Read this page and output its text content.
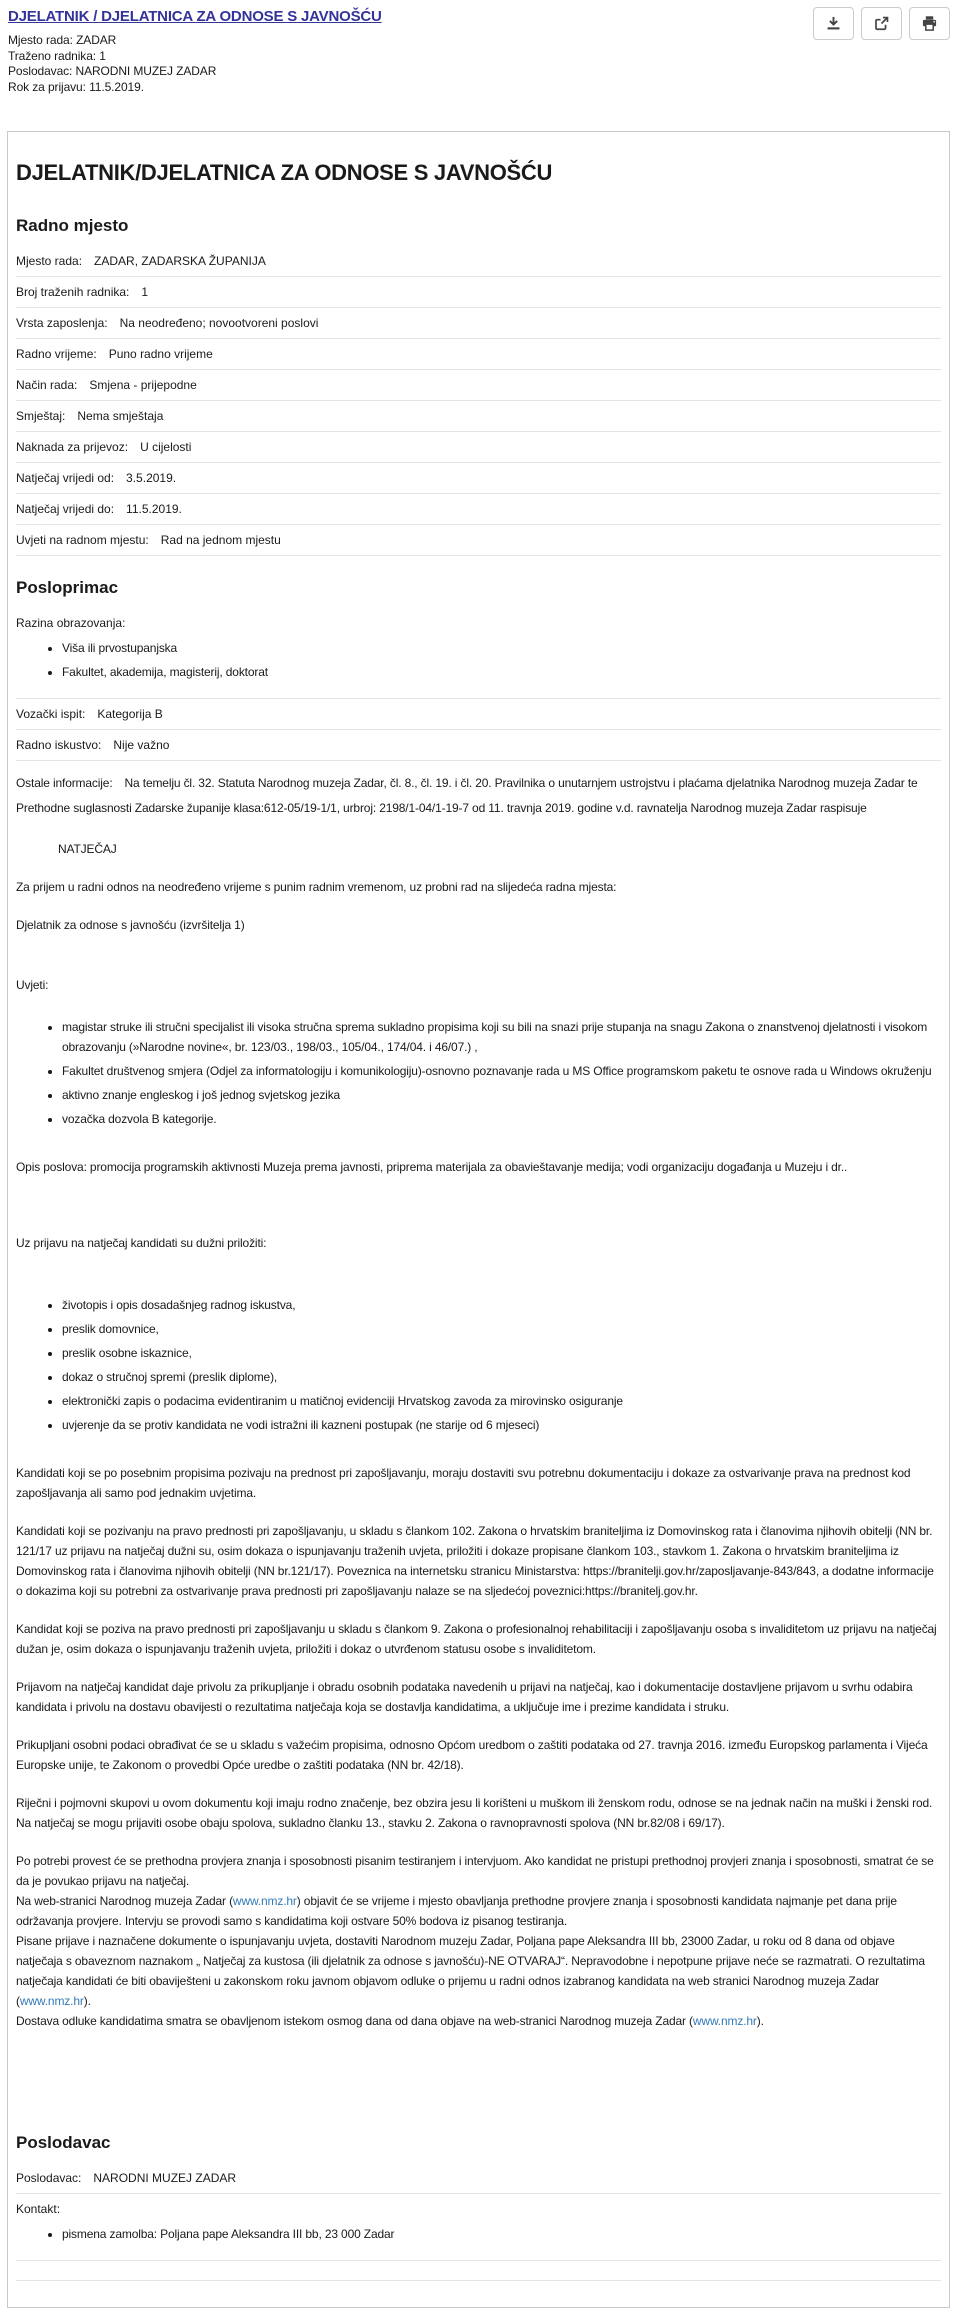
DJELATNIK / DJELATNICA ZA ODNOSE S JAVNOŠĆU
Mjesto rada: ZADAR
Traženo radnika: 1
Poslodavac: NARODNI MUZEJ ZADAR
Rok za prijavu: 11.5.2019.
DJELATNIK/DJELATNICA ZA ODNOSE S JAVNOŠĆU
Radno mjesto
Mjesto rada: ZADAR, ZADARSKA ŽUPANIJA
Broj traženih radnika: 1
Vrsta zaposlenja: Na neodređeno; novootvoreni poslovi
Radno vrijeme: Puno radno vrijeme
Način rada: Smjena - prijepodne
Smještaj: Nema smještaja
Naknada za prijevoz: U cijelosti
Natječaj vrijedi od: 3.5.2019.
Natječaj vrijedi do: 11.5.2019.
Uvjeti na radnom mjestu: Rad na jednom mjestu
Posloprimac
Razina obrazovanja:
• Viša ili prvostupanjska
• Fakultet, akademija, magisterij, doktorat
Vozački ispit: Kategorija B
Radno iskustvo: Nije važno

Ostale informacije: Na temelju čl. 32. Statuta Narodnog muzeja Zadar, čl. 8., čl. 19. i čl. 20. Pravilnika o unutarnjem ustrojstvu i plaćama djelatnika Narodnog muzeja Zadar te Prethodne suglasnosti Zadarske županije klasa:612-05/19-1/1, urbroj: 2198/1-04/1-19-7 od 11. travnja 2019. godine v.d. ravnatelja Narodnog muzeja Zadar raspisuje

NATJEČAJ

Za prijem u radni odnos na neodređeno vrijeme s punim radnim vremenom, uz probni rad na slijedeća radna mjesta:

Djelatnik za odnose s javnošću (izvršitelja 1)

Uvjeti:

• magistar struke ili stručni specijalist ili visoka stručna sprema sukladno propisima koji su bili na snazi prije stupanja na snagu Zakona o znanstvenoj djelatnosti i visokom obrazovanju (»Narodne novine«, br. 123/03., 198/03., 105/04., 174/04. i 46/07.) ,
• Fakultet društvenog smjera (Odjel za informatologiju i komunikologiju)-osnovno poznavanje rada u MS Office programskom paketu te osnove rada u Windows okruženju
• aktivno znanje engleskog i još jednog svjetskog jezika
• vozačka dozvola B kategorije.

Opis poslova: promocija programskih aktivnosti Muzeja prema javnosti, priprema materijala za obavieštavanje medija; vodi organizaciju događanja u Muzeju i dr..

Uz prijavu na natječaj kandidati su dužni priložiti:

• životopis i opis dosadašnjeg radnog iskustva,
• preslik domovnice,
• preslik osobne iskaznice,
• dokaz o stručnoj spremi (preslik diplome),
• elektronički zapis o podacima evidentiranim u matičnoj evidenciji Hrvatskog zavoda za mirovinsko osiguranje
• uvjerenje da se protiv kandidata ne vodi istražni ili kazneni postupak (ne starije od 6 mjeseci)

Kandidati koji se po posebnim propisima pozivaju na prednost pri zapošljavanju, moraju dostaviti svu potrebnu dokumentaciju i dokaze za ostvarivanje prava na prednost kod zapošljavanja ali samo pod jednakim uvjetima.

Kandidati koji se pozivanju na pravo prednosti pri zapošljavanju, u skladu s člankom 102. Zakona o hrvatskim braniteljima iz Domovinskog rata i članovima njihovih obitelji (NN br. 121/17 uz prijavu na natječaj dužni su, osim dokaza o ispunjavanju traženih uvjeta, priložiti i dokaze propisane člankom 103., stavkom 1. Zakona o hrvatskim braniteljima iz Domovinskog rata i članovima njihovih obitelji (NN br.121/17). Poveznica na internetsku stranicu Ministarstva: https://branitelji.gov.hr/zaposljavanje-843/843, a dodatne informacije o dokazima koji su potrebni za ostvarivanje prava prednosti pri zapošljavanju nalaze se na sljedećoj poveznici:https://branitelj.gov.hr.

Kandidat koji se poziva na pravo prednosti pri zapošljavanju u skladu s člankom 9. Zakona o profesionalnoj rehabilitaciji i zapošljavanju osoba s invaliditetom uz prijavu na natječaj dužan je, osim dokaza o ispunjavanju traženih uvjeta, priložiti i dokaz o utvrđenom statusu osobe s invaliditetom.

Prijavom na natječaj kandidat daje privolu za prikupljanje i obradu osobnih podataka navedenih u prijavi na natječaj, kao i dokumentacije dostavljene prijavom u svrhu odabira kandidata i privolu na dostavu obavijesti o rezultatima natječaja koja se dostavlja kandidatima, a uključuje ime i prezime kandidata i struku.

Prikupljani osobni podaci obrađivat će se u skladu s važećim propisima, odnosno Općom uredbom o zaštiti podataka od 27. travnja 2016. između Europskog parlamenta i Vijeća Europske unije, te Zakonom o provedbi Opće uredbe o zaštiti podataka (NN br. 42/18).

Riječni i pojmovni skupovi u ovom dokumentu koji imaju rodno značenje, bez obzira jesu li korišteni u muškom ili ženskom rodu, odnose se na jednak način na muški i ženski rod.

Na natječaj se mogu prijaviti osobe obaju spolova, sukladno članku 13., stavku 2. Zakona o ravnopravnosti spolova (NN br.82/08 i 69/17).

Po potrebi provest će se prethodna provjera znanja i sposobnosti pisanim testiranjem i intervjuom. Ako kandidat ne pristupi prethodnoj provjeri znanja i sposobnosti, smatrat će se da je povukao prijavu na natječaj.

Na web-stranici Narodnog muzeja Zadar (www.nmz.hr) objavit će se vrijeme i mjesto obavljanja prethodne provjere znanja i sposobnosti kandidata najmanje pet dana prije održavanja provjere. Intervju se provodi samo s kandidatima koji ostvare 50% bodova iz pisanog testiranja.

Pisane prijave i naznačene dokumente o ispunjavanju uvjeta, dostaviti Narodnom muzeju Zadar, Poljana pape Aleksandra III bb, 23000 Zadar, u roku od 8 dana od objave natječaja s obaveznom naznakom „ Natječaj za kustosa (ili djelatnik za odnose s javnošću)-NE OTVARAJ“. Nepravodobne i nepotpune prijave neće se razmatrati. O rezultatima natječaja kandidati će biti obaviješteni u zakonskom roku javnom objavom odluke o prijemu u radni odnos izabranog kandidata na web stranici Narodnog muzeja Zadar (www.nmz.hr).

Dostava odluke kandidatima smatra se obavljenom istekom osmog dana od dana objave na web-stranici Narodnog muzeja Zadar (www.nmz.hr).

Poslodavac
Poslodavac: NARODNI MUZEJ ZADAR
Kontakt:
• pismena zamolba: Poljana pape Aleksandra III bb, 23 000 Zadar
